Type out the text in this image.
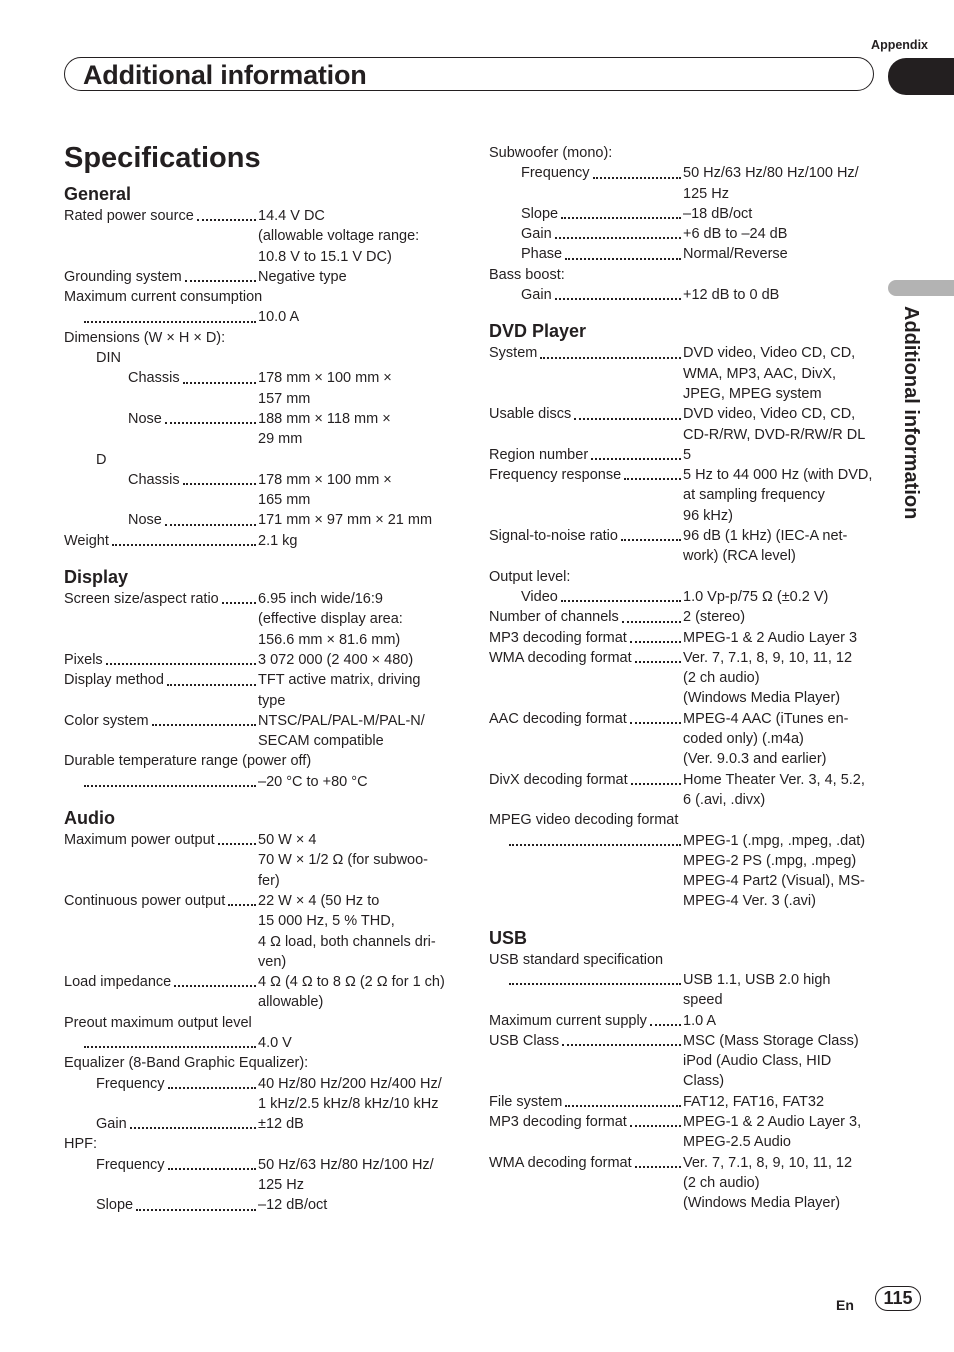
Appendix
Additional information
Additional information
Specifications
General
Rated power source	14.4 V DC
(allowable voltage range:
10.8 V to 15.1 V DC)
Grounding system	Negative type
Maximum current consumption
10.0 A
Dimensions (W × H × D):
DIN
Chassis	178 mm × 100 mm ×
157 mm
Nose	188 mm × 118 mm ×
29 mm
D
Chassis	178 mm × 100 mm ×
165 mm
Nose	171 mm × 97 mm × 21 mm
Weight	2.1 kg
Display
Screen size/aspect ratio	6.95 inch wide/16:9
(effective display area:
156.6 mm × 81.6 mm)
Pixels	3 072 000 (2 400 × 480)
Display method	TFT active matrix, driving
type
Color system	NTSC/PAL/PAL-M/PAL-N/
SECAM compatible
Durable temperature range (power off)
–20 °C to +80 °C
Audio
Maximum power output	50 W × 4
70 W × 1/2 Ω (for subwoo-
fer)
Continuous power output 22 W × 4 (50 Hz to
15 000 Hz, 5 % THD,
4 Ω load, both channels dri-
ven)
Load impedance	4 Ω (4 Ω to 8 Ω (2 Ω for 1 ch)
allowable)
Preout maximum output level
4.0 V
Equalizer (8-Band Graphic Equalizer):
Frequency	40 Hz/80 Hz/200 Hz/400 Hz/
1 kHz/2.5 kHz/8 kHz/10 kHz
Gain	±12 dB
HPF:
Frequency	50 Hz/63 Hz/80 Hz/100 Hz/
125 Hz
Slope	–12 dB/oct
Subwoofer (mono):
Frequency	50 Hz/63 Hz/80 Hz/100 Hz/
125 Hz
Slope	–18 dB/oct
Gain	+6 dB to –24 dB
Phase	Normal/Reverse
Bass boost:
Gain	+12 dB to 0 dB
DVD Player
System	DVD video, Video CD, CD,
WMA, MP3, AAC, DivX,
JPEG, MPEG system
Usable discs	DVD video, Video CD, CD,
CD-R/RW, DVD-R/RW/R DL
Region number	5
Frequency response	5 Hz to 44 000 Hz (with DVD,
at sampling frequency
96 kHz)
Signal-to-noise ratio	96 dB (1 kHz) (IEC-A net-
work) (RCA level)
Output level:
Video	1.0 Vp-p/75 Ω (±0.2 V)
Number of channels	2 (stereo)
MP3 decoding format	MPEG-1 & 2 Audio Layer 3
WMA decoding format	Ver. 7, 7.1, 8, 9, 10, 11, 12
(2 ch audio)
(Windows Media Player)
AAC decoding format	MPEG-4 AAC (iTunes en-
coded only) (.m4a)
(Ver. 9.0.3 and earlier)
DivX decoding format	Home Theater Ver. 3, 4, 5.2,
6 (.avi, .divx)
MPEG video decoding format
MPEG-1 (.mpg, .mpeg, .dat)
MPEG-2 PS (.mpg, .mpeg)
MPEG-4 Part2 (Visual), MS-
MPEG-4 Ver. 3 (.avi)
USB
USB standard specification
USB 1.1, USB 2.0 high
speed
Maximum current supply 1.0 A
USB Class	MSC (Mass Storage Class)
iPod (Audio Class, HID
Class)
File system	FAT12, FAT16, FAT32
MP3 decoding format	MPEG-1 & 2 Audio Layer 3,
MPEG-2.5 Audio
WMA decoding format	Ver. 7, 7.1, 8, 9, 10, 11, 12
(2 ch audio)
(Windows Media Player)
En	115
